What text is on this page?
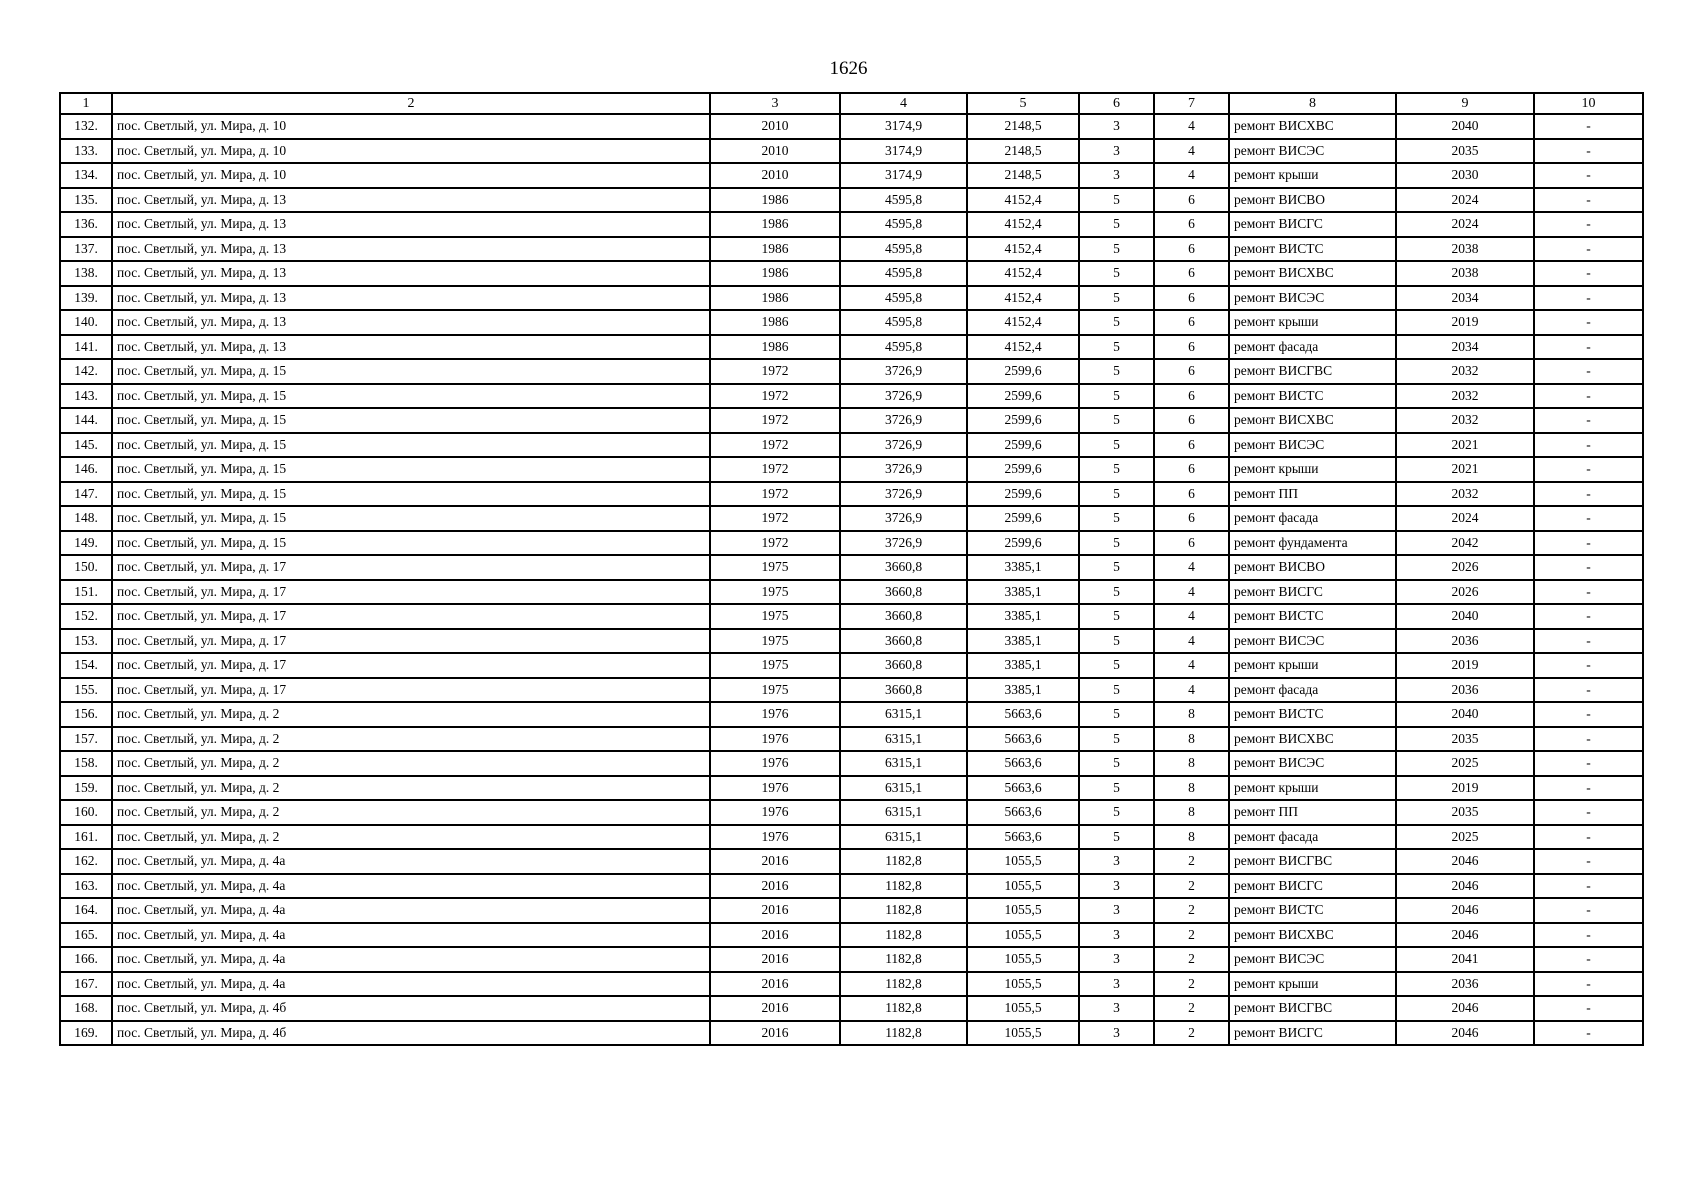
1626
1	2	3	4	5	6	7	8	9	10
132.	пос. Светлый, ул. Мира, д. 10	2010	3174,9	2148,5	3	4	ремонт ВИСХВС	2040	-
133.	пос. Светлый, ул. Мира, д. 10	2010	3174,9	2148,5	3	4	ремонт ВИСЭС	2035	-
134.	пос. Светлый, ул. Мира, д. 10	2010	3174,9	2148,5	3	4	ремонт крыши	2030	-
135.	пос. Светлый, ул. Мира, д. 13	1986	4595,8	4152,4	5	6	ремонт ВИСВО	2024	-
136.	пос. Светлый, ул. Мира, д. 13	1986	4595,8	4152,4	5	6	ремонт ВИСГС	2024	-
137.	пос. Светлый, ул. Мира, д. 13	1986	4595,8	4152,4	5	6	ремонт ВИСТС	2038	-
138.	пос. Светлый, ул. Мира, д. 13	1986	4595,8	4152,4	5	6	ремонт ВИСХВС	2038	-
139.	пос. Светлый, ул. Мира, д. 13	1986	4595,8	4152,4	5	6	ремонт ВИСЭС	2034	-
140.	пос. Светлый, ул. Мира, д. 13	1986	4595,8	4152,4	5	6	ремонт крыши	2019	-
141.	пос. Светлый, ул. Мира, д. 13	1986	4595,8	4152,4	5	6	ремонт фасада	2034	-
142.	пос. Светлый, ул. Мира, д. 15	1972	3726,9	2599,6	5	6	ремонт ВИСГВС	2032	-
143.	пос. Светлый, ул. Мира, д. 15	1972	3726,9	2599,6	5	6	ремонт ВИСТС	2032	-
144.	пос. Светлый, ул. Мира, д. 15	1972	3726,9	2599,6	5	6	ремонт ВИСХВС	2032	-
145.	пос. Светлый, ул. Мира, д. 15	1972	3726,9	2599,6	5	6	ремонт ВИСЭС	2021	-
146.	пос. Светлый, ул. Мира, д. 15	1972	3726,9	2599,6	5	6	ремонт крыши	2021	-
147.	пос. Светлый, ул. Мира, д. 15	1972	3726,9	2599,6	5	6	ремонт ПП	2032	-
148.	пос. Светлый, ул. Мира, д. 15	1972	3726,9	2599,6	5	6	ремонт фасада	2024	-
149.	пос. Светлый, ул. Мира, д. 15	1972	3726,9	2599,6	5	6	ремонт фундамента	2042	-
150.	пос. Светлый, ул. Мира, д. 17	1975	3660,8	3385,1	5	4	ремонт ВИСВО	2026	-
151.	пос. Светлый, ул. Мира, д. 17	1975	3660,8	3385,1	5	4	ремонт ВИСГС	2026	-
152.	пос. Светлый, ул. Мира, д. 17	1975	3660,8	3385,1	5	4	ремонт ВИСТС	2040	-
153.	пос. Светлый, ул. Мира, д. 17	1975	3660,8	3385,1	5	4	ремонт ВИСЭС	2036	-
154.	пос. Светлый, ул. Мира, д. 17	1975	3660,8	3385,1	5	4	ремонт крыши	2019	-
155.	пос. Светлый, ул. Мира, д. 17	1975	3660,8	3385,1	5	4	ремонт фасада	2036	-
156.	пос. Светлый, ул. Мира, д. 2	1976	6315,1	5663,6	5	8	ремонт ВИСТС	2040	-
157.	пос. Светлый, ул. Мира, д. 2	1976	6315,1	5663,6	5	8	ремонт ВИСХВС	2035	-
158.	пос. Светлый, ул. Мира, д. 2	1976	6315,1	5663,6	5	8	ремонт ВИСЭС	2025	-
159.	пос. Светлый, ул. Мира, д. 2	1976	6315,1	5663,6	5	8	ремонт крыши	2019	-
160.	пос. Светлый, ул. Мира, д. 2	1976	6315,1	5663,6	5	8	ремонт ПП	2035	-
161.	пос. Светлый, ул. Мира, д. 2	1976	6315,1	5663,6	5	8	ремонт фасада	2025	-
162.	пос. Светлый, ул. Мира, д. 4а	2016	1182,8	1055,5	3	2	ремонт ВИСГВС	2046	-
163.	пос. Светлый, ул. Мира, д. 4а	2016	1182,8	1055,5	3	2	ремонт ВИСГС	2046	-
164.	пос. Светлый, ул. Мира, д. 4а	2016	1182,8	1055,5	3	2	ремонт ВИСТС	2046	-
165.	пос. Светлый, ул. Мира, д. 4а	2016	1182,8	1055,5	3	2	ремонт ВИСХВС	2046	-
166.	пос. Светлый, ул. Мира, д. 4а	2016	1182,8	1055,5	3	2	ремонт ВИСЭС	2041	-
167.	пос. Светлый, ул. Мира, д. 4а	2016	1182,8	1055,5	3	2	ремонт крыши	2036	-
168.	пос. Светлый, ул. Мира, д. 4б	2016	1182,8	1055,5	3	2	ремонт ВИСГВС	2046	-
169.	пос. Светлый, ул. Мира, д. 4б	2016	1182,8	1055,5	3	2	ремонт ВИСГС	2046	-
